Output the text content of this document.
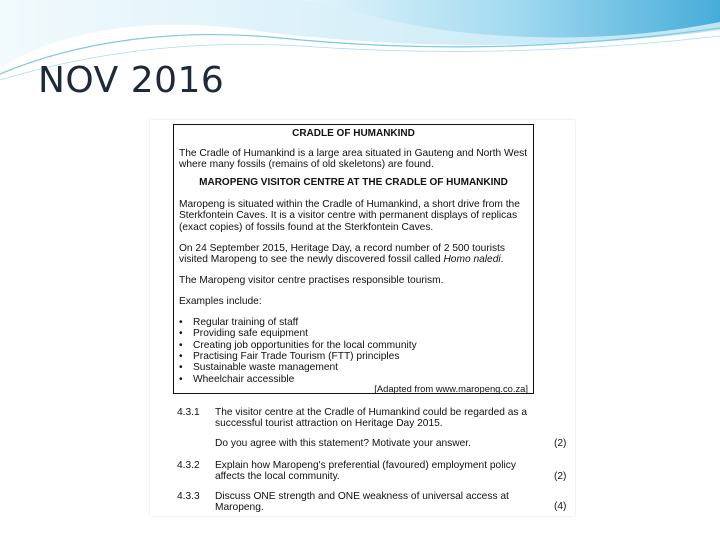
NOV 2016
CRADLE OF HUMANKIND
The Cradle of Humankind is a large area situated in Gauteng and North West where many fossils (remains of old skeletons) are found.
MAROPENG VISITOR CENTRE AT THE CRADLE OF HUMANKIND
Maropeng is situated within the Cradle of Humankind, a short drive from the Sterkfontein Caves. It is a visitor centre with permanent displays of replicas (exact copies) of fossils found at the Sterkfontein Caves.
On 24 September 2015, Heritage Day, a record number of 2 500 tourists visited Maropeng to see the newly discovered fossil called Homo naledi.
The Maropeng visitor centre practises responsible tourism.
Examples include:
• Regular training of staff
• Providing safe equipment
• Creating job opportunities for the local community
• Practising Fair Trade Tourism (FTT) principles
• Sustainable waste management
• Wheelchair accessible
[Adapted from www.maropeng.co.za]
4.3.1 The visitor centre at the Cradle of Humankind could be regarded as a successful tourist attraction on Heritage Day 2015.
Do you agree with this statement? Motivate your answer.	(2)
4.3.2 Explain how Maropeng's preferential (favoured) employment policy affects the local community.	(2)
4.3.3 Discuss ONE strength and ONE weakness of universal access at Maropeng.	(4)
